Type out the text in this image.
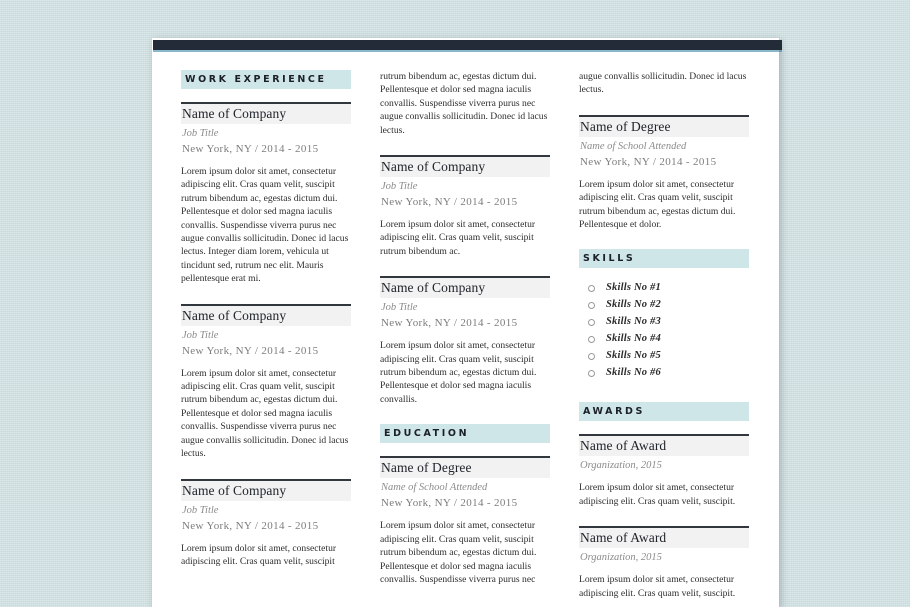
WORK EXPERIENCE
Name of Company
Job Title
New York, NY / 2014 - 2015
Lorem ipsum dolor sit amet, consectetur adipiscing elit. Cras quam velit, suscipit rutrum bibendum ac, egestas dictum dui. Pellentesque et dolor sed magna iaculis convallis. Suspendisse viverra purus nec augue convallis sollicitudin. Donec id lacus lectus. Integer diam lorem, vehicula ut tincidunt sed, rutrum nec elit. Mauris pellentesque erat mi.
Name of Company
Job Title
New York, NY / 2014 - 2015
Lorem ipsum dolor sit amet, consectetur adipiscing elit. Cras quam velit, suscipit rutrum bibendum ac, egestas dictum dui. Pellentesque et dolor sed magna iaculis convallis. Suspendisse viverra purus nec augue convallis sollicitudin. Donec id lacus lectus.
Name of Company
Job Title
New York, NY / 2014 - 2015
Lorem ipsum dolor sit amet, consectetur adipiscing elit. Cras quam velit, suscipit
rutrum bibendum ac, egestas dictum dui. Pellentesque et dolor sed magna iaculis convallis. Suspendisse viverra purus nec augue convallis sollicitudin. Donec id lacus lectus.
Name of Company
Job Title
New York, NY / 2014 - 2015
Lorem ipsum dolor sit amet, consectetur adipiscing elit. Cras quam velit, suscipit rutrum bibendum ac.
Name of Company
Job Title
New York, NY / 2014 - 2015
Lorem ipsum dolor sit amet, consectetur adipiscing elit. Cras quam velit, suscipit rutrum bibendum ac, egestas dictum dui. Pellentesque et dolor sed magna iaculis convallis.
EDUCATION
Name of Degree
Name of School Attended
New York, NY / 2014 - 2015
Lorem ipsum dolor sit amet, consectetur adipiscing elit. Cras quam velit, suscipit rutrum bibendum ac, egestas dictum dui. Pellentesque et dolor sed magna iaculis convallis. Suspendisse viverra purus nec
augue convallis sollicitudin. Donec id lacus lectus.
Name of Degree
Name of School Attended
New York, NY / 2014 - 2015
Lorem ipsum dolor sit amet, consectetur adipiscing elit. Cras quam velit, suscipit rutrum bibendum ac, egestas dictum dui. Pellentesque et dolor.
SKILLS
Skills No #1
Skills No #2
Skills No #3
Skills No #4
Skills No #5
Skills No #6
AWARDS
Name of Award
Organization, 2015
Lorem ipsum dolor sit amet, consectetur adipiscing elit. Cras quam velit, suscipit.
Name of Award
Organization, 2015
Lorem ipsum dolor sit amet, consectetur adipiscing elit. Cras quam velit, suscipit.
